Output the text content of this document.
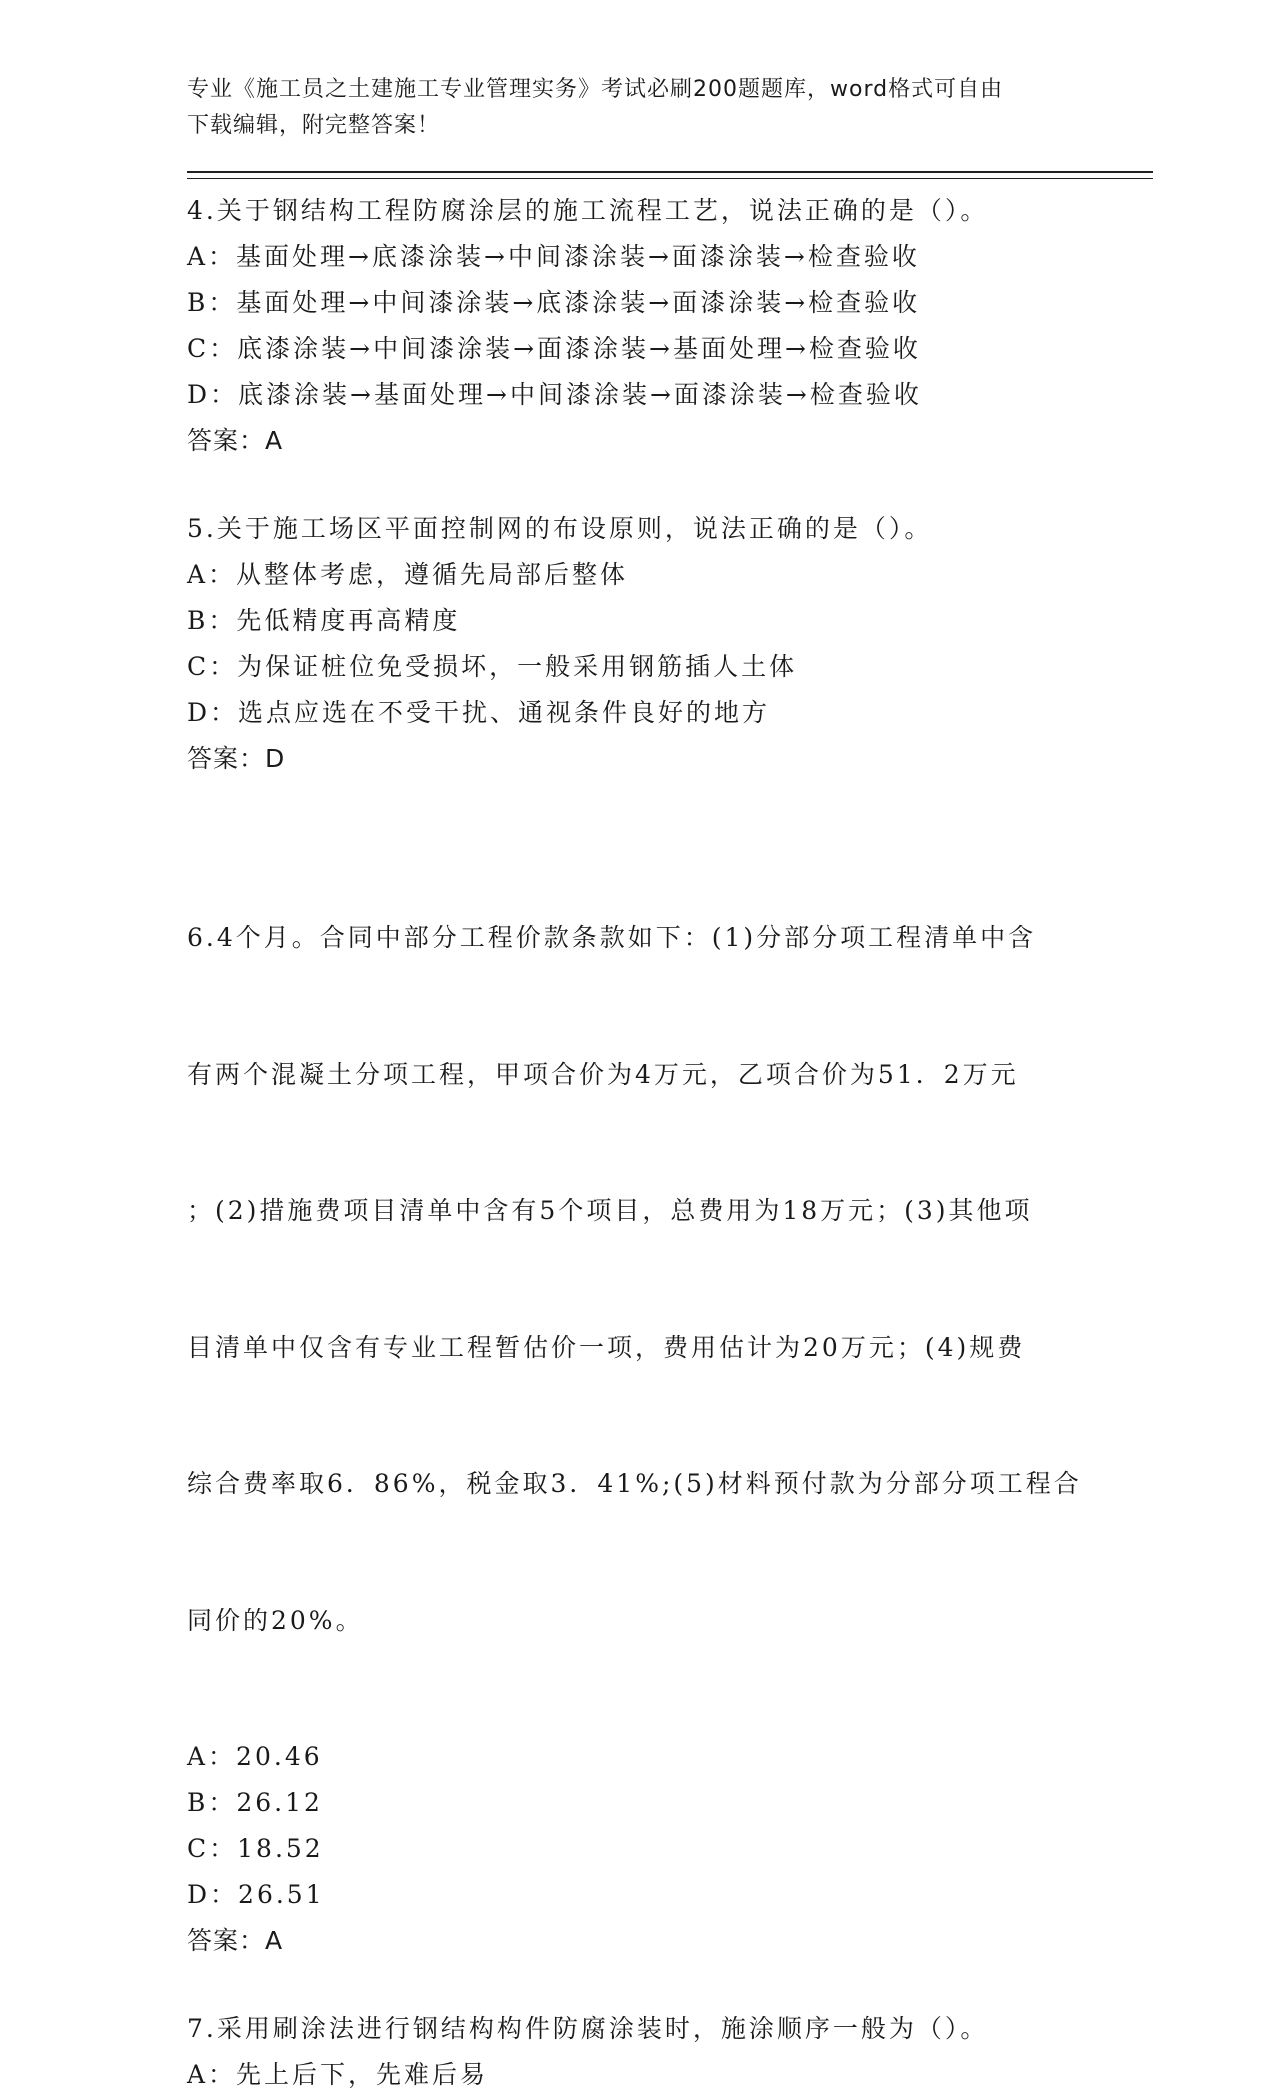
专业《施工员之土建施工专业管理实务》考试必刷200题题库，word格式可自由
下载编辑，附完整答案！
4.关于钢结构工程防腐涂层的施工流程工艺，说法正确的是（）。
A：基面处理→底漆涂装→中间漆涂装→面漆涂装→检查验收
B：基面处理→中间漆涂装→底漆涂装→面漆涂装→检查验收
C：底漆涂装→中间漆涂装→面漆涂装→基面处理→检查验收
D：底漆涂装→基面处理→中间漆涂装→面漆涂装→检查验收
答案：A
5.关于施工场区平面控制网的布设原则，说法正确的是（）。
A：从整体考虑，遵循先局部后整体
B：先低精度再高精度
C：为保证桩位免受损坏，一般采用钢筋插人土体
D：选点应选在不受干扰、通视条件良好的地方
答案：D

6.4个月。合同中部分工程价款条款如下：(1)分部分项工程清单中含

有两个混凝土分项工程，甲项合价为4万元，乙项合价为51．2万元

；(2)措施费项目清单中含有5个项目，总费用为18万元；(3)其他项

目清单中仅含有专业工程暂估价一项，费用估计为20万元；(4)规费

综合费率取6．86%，税金取3．41%;(5)材料预付款为分部分项工程合

同价的20%。

A：20.46
B：26.12
C：18.52
D：26.51
答案：A
7.采用刷涂法进行钢结构构件防腐涂装时，施涂顺序一般为（）。
A：先上后下，先难后易
